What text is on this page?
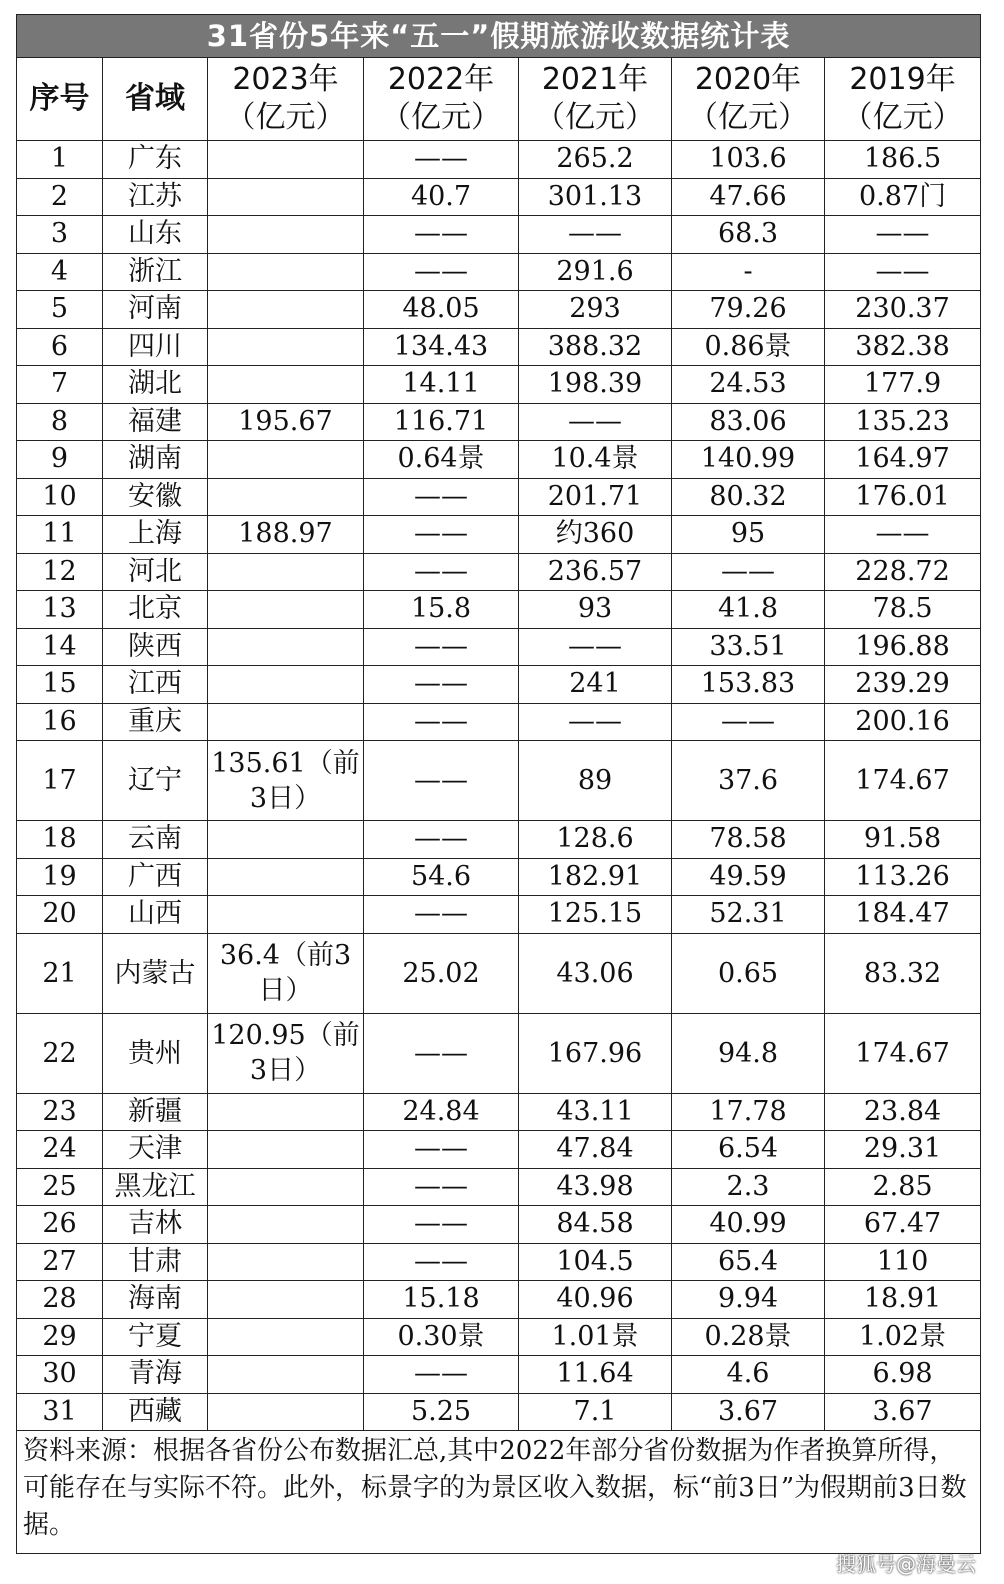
31省份5年来“五一”假期旅游收数据统计表						
序号	省域	2023年（亿元）	2022年（亿元）	2021年（亿元）	2020年（亿元）	2019年（亿元）
1	广东		——	265.2	103.6	186.5
2	江苏		40.7	301.13	47.66	0.87门
3	山东		——	——	68.3	——
4	浙江		——	291.6	-	——
5	河南		48.05	293	79.26	230.37
6	四川		134.43	388.32	0.86景	382.38
7	湖北		14.11	198.39	24.53	177.9
8	福建	195.67	116.71	——	83.06	135.23
9	湖南		0.64景	10.4景	140.99	164.97
10	安徽		——	201.71	80.32	176.01
11	上海	188.97	——	约360	95	——
12	河北		——	236.57	——	228.72
13	北京		15.8	93	41.8	78.5
14	陕西		——	——	33.51	196.88
15	江西		——	241	153.83	239.29
16	重庆		——	——	——	200.16
17	辽宁	135.61（前3日）	——	89	37.6	174.67
18	云南		——	128.6	78.58	91.58
19	广西		54.6	182.91	49.59	113.26
20	山西		——	125.15	52.31	184.47
21	内蒙古	36.4（前3日）	25.02	43.06	0.65	83.32
22	贵州	120.95（前3日）	——	167.96	94.8	174.67
23	新疆		24.84	43.11	17.78	23.84
24	天津		——	47.84	6.54	29.31
25	黑龙江		——	43.98	2.3	2.85
26	吉林		——	84.58	40.99	67.47
27	甘肃		——	104.5	65.4	110
28	海南		15.18	40.96	9.94	18.91
29	宁夏		0.30景	1.01景	0.28景	1.02景
30	青海		——	11.64	4.6	6.98
31	西藏		5.25	7.1	3.67	3.67
资料来源：根据各省份公布数据汇总,其中2022年部分省份数据为作者换算所得，可能存在与实际不符。此外，标景字的为景区收入数据，标“前3日”为假期前3日数据。						
搜狐号@海曼云
